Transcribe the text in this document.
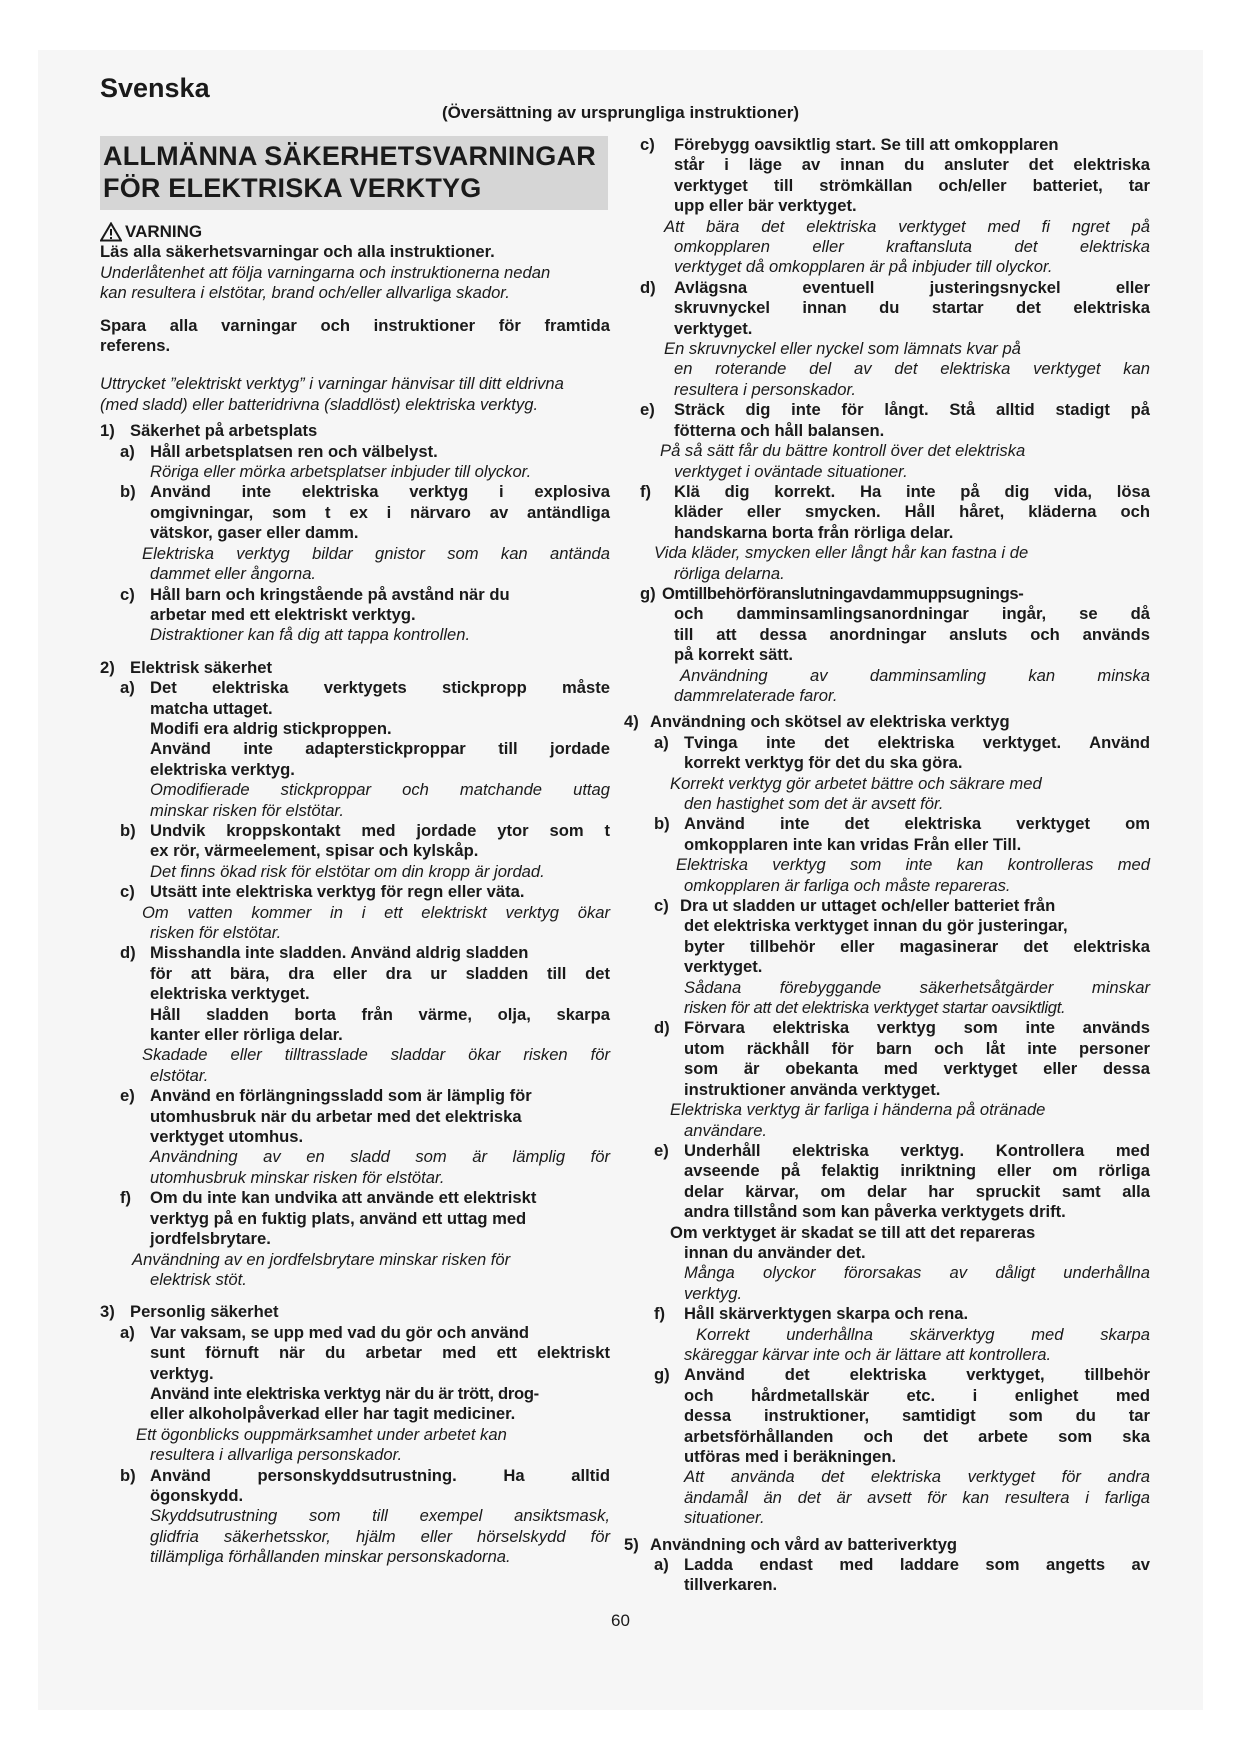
Svenska
(Översättning av ursprungliga instruktioner)
ALLMÄNNA SÄKERHETSVARNINGAR
FÖR ELEKTRISKA VERKTYG
VARNING

Läs alla säkerhetsvarningar och alla instruktioner.

Underlåtenhet att följa varningarna och instruktionerna nedan

kan resultera i elstötar, brand och/eller allvarliga skador.

Spara alla varningar och instruktioner för framtida

referens.

Uttrycket ”elektriskt verktyg” i varningar hänvisar till ditt eldrivna

(med sladd) eller batteridrivna (sladdlöst) elektriska verktyg.

1) Säkerhet på arbetsplats
a) Håll arbetsplatsen ren och välbelyst.

Röriga eller mörka arbetsplatser inbjuder till olyckor.

b) Använd inte elektriska verktyg i explosiva

omgivningar, som t ex i närvaro av antändliga

vätskor, gaser eller damm.

Elektriska verktyg bildar gnistor som kan antända

dammet eller ångorna.

c) Håll barn och kringstående på avstånd när du

arbetar med ett elektriskt verktyg.

Distraktioner kan få dig att tappa kontrollen.

2) Elektrisk säkerhet
a) Det elektriska verktygets stickpropp måste

matcha uttaget.

Modifi era aldrig stickproppen.

Använd inte adapterstickproppar till jordade

elektriska verktyg.

Omodifierade stickproppar och matchande uttag

minskar risken för elstötar.

b) Undvik kroppskontakt med jordade ytor som t

ex rör, värmeelement, spisar och kylskåp.

Det finns ökad risk för elstötar om din kropp är jordad.

c) Utsätt inte elektriska verktyg för regn eller väta.

Om vatten kommer in i ett elektriskt verktyg ökar

risken för elstötar.

d) Misshandla inte sladden. Använd aldrig sladden

för att bära, dra eller dra ur sladden till det

elektriska verktyget.

Håll sladden borta från värme, olja, skarpa

kanter eller rörliga delar.

Skadade eller tilltrasslade sladdar ökar risken för

elstötar.

e) Använd en förlängningssladd som är lämplig för

utomhusbruk när du arbetar med det elektriska

verktyget utomhus.

Användning av en sladd som är lämplig för

utomhusbruk minskar risken för elstötar.

f)	Om du inte kan undvika att använde ett elektriskt

verktyg på en fuktig plats, använd ett uttag med

jordfelsbrytare.

Användning av en jordfelsbrytare minskar risken för

elektrisk stöt.

3) Personlig säkerhet
a) Var vaksam, se upp med vad du gör och använd

sunt förnuft när du arbetar med ett elektriskt

verktyg.

Använd inte elektriska verktyg när du är trött, drog-

eller alkoholpåverkad eller har tagit mediciner.

Ett ögonblicks ouppmärksamhet under arbetet kan

resultera i allvarliga personskador.

b) Använd personskyddsutrustning. Ha alltid

ögonskydd.

Skyddsutrustning som till exempel ansiktsmask,

glidfria säkerhetsskor, hjälm eller hörselskydd för

tillämpliga förhållanden minskar personskadorna.

c)	Förebygg oavsiktlig start. Se till att omkopplaren

står i läge av innan du ansluter det elektriska

verktyget till strömkällan och/eller batteriet, tar

upp eller bär verktyget.

Att bära det elektriska verktyget med fi ngret på

omkopplaren eller kraftansluta det elektriska

verktyget då omkopplaren är på inbjuder till olyckor.

d)	Avlägsna eventuell justeringsnyckel eller

skruvnyckel innan du startar det elektriska

verktyget.

En skruvnyckel eller nyckel som lämnats kvar på

en roterande del av det elektriska verktyget kan

resultera i personskador.

e)	Sträck dig inte för långt. Stå alltid stadigt på

fötterna och håll balansen.

På så sätt får du bättre kontroll över det elektriska

verktyget i oväntade situationer.

f)	Klä dig korrekt. Ha inte på dig vida, lösa

kläder eller smycken. Håll håret, kläderna och

handskarna borta från rörliga delar.

Vida kläder, smycken eller långt hår kan fastna i de

rörliga delarna.

g) Omtillbehörföranslutningavdammuppsugnings-

och damminsamlingsanordningar ingår, se då

till att dessa anordningar ansluts och används

på korrekt sätt.

Användning av damminsamling kan minska

dammrelaterade faror.

4) Användning och skötsel av elektriska verktyg
a) Tvinga inte det elektriska verktyget. Använd

korrekt verktyg för det du ska göra.

Korrekt verktyg gör arbetet bättre och säkrare med

den hastighet som det är avsett för.

b) Använd inte det elektriska verktyget om

omkopplaren inte kan vridas Från eller Till.

Elektriska verktyg som inte kan kontrolleras med

omkopplaren är farliga och måste repareras.

c) Dra ut sladden ur uttaget och/eller batteriet från

det elektriska verktyget innan du gör justeringar,

byter tillbehör eller magasinerar det elektriska

verktyget.

Sådana förebyggande säkerhetsåtgärder minskar

risken för att det elektriska verktyget startar oavsiktligt.

d) Förvara elektriska verktyg som inte används

utom räckhåll för barn och låt inte personer

som är obekanta med verktyget eller dessa

instruktioner använda verktyget.

Elektriska verktyg är farliga i händerna på otränade

användare.

e) Underhåll elektriska verktyg. Kontrollera med

avseende på felaktig inriktning eller om rörliga

delar kärvar, om delar har spruckit samt alla

andra tillstånd som kan påverka verktygets drift.

Om verktyget är skadat se till att det repareras

innan du använder det.

Många olyckor förorsakas av dåligt underhållna

verktyg.

f)	Håll skärverktygen skarpa och rena.

Korrekt underhållna skärverktyg med skarpa

skäreggar kärvar inte och är lättare att kontrollera.

g) Använd det elektriska verktyget, tillbehör

och hårdmetallskär etc. i enlighet med

dessa instruktioner, samtidigt som du tar

arbetsförhållanden och det arbete som ska

utföras med i beräkningen.

Att använda det elektriska verktyget för andra

ändamål än det är avsett för kan resultera i farliga

situationer.

5) Användning och vård av batteriverktyg
a) Ladda endast med laddare som angetts av

tillverkaren.

60
